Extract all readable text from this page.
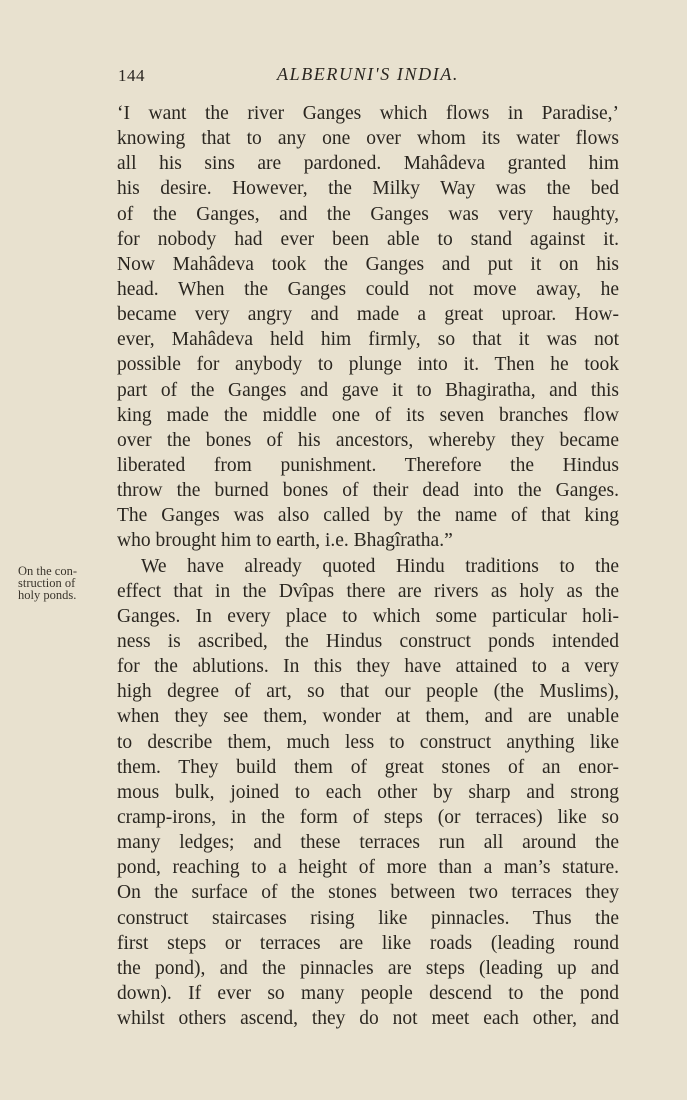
144	ALBERUNI'S INDIA.
On the con-
struction of
holy ponds.
‘I want the river Ganges which flows in Paradise,’
knowing that to any one over whom its water flows
all his sins are pardoned. Mahâdeva granted him
his desire. However, the Milky Way was the bed
of the Ganges, and the Ganges was very haughty,
for nobody had ever been able to stand against it.
Now Mahâdeva took the Ganges and put it on his
head. When the Ganges could not move away, he
became very angry and made a great uproar. How-
ever, Mahâdeva held him firmly, so that it was not
possible for anybody to plunge into it. Then he took
part of the Ganges and gave it to Bhagiratha, and this
king made the middle one of its seven branches flow
over the bones of his ancestors, whereby they became
liberated from punishment. Therefore the Hindus
throw the burned bones of their dead into the Ganges.
The Ganges was also called by the name of that king
who brought him to earth, i.e. Bhagîratha.”
We have already quoted Hindu traditions to the
effect that in the Dvîpas there are rivers as holy as the
Ganges. In every place to which some particular holi-
ness is ascribed, the Hindus construct ponds intended
for the ablutions. In this they have attained to a very
high degree of art, so that our people (the Muslims),
when they see them, wonder at them, and are unable
to describe them, much less to construct anything like
them. They build them of great stones of an enor-
mous bulk, joined to each other by sharp and strong
cramp-irons, in the form of steps (or terraces) like so
many ledges; and these terraces run all around the
pond, reaching to a height of more than a man’s stature.
On the surface of the stones between two terraces they
construct staircases rising like pinnacles. Thus the
first steps or terraces are like roads (leading round
the pond), and the pinnacles are steps (leading up and
down). If ever so many people descend to the pond
whilst others ascend, they do not meet each other, and
